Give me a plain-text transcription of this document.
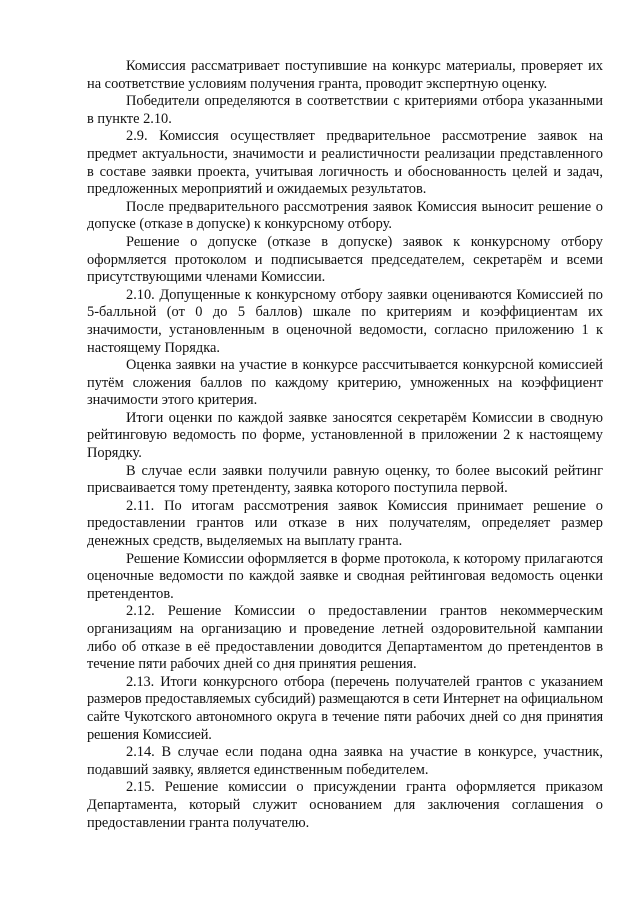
Комиссия рассматривает поступившие на конкурс материалы, проверяет их на соответствие условиям получения гранта, проводит экспертную оценку.

Победители определяются в соответствии с критериями отбора указанными в пункте 2.10.

2.9. Комиссия осуществляет предварительное рассмотрение заявок на предмет актуальности, значимости и реалистичности реализации представленного в составе заявки проекта, учитывая логичность и обоснованность целей и задач, предложенных мероприятий и ожидаемых результатов.

После предварительного рассмотрения заявок Комиссия выносит решение о допуске (отказе в допуске) к конкурсному отбору.

Решение о допуске (отказе в допуске) заявок к конкурсному отбору оформляется протоколом и подписывается председателем, секретарём и всеми присутствующими членами Комиссии.

2.10. Допущенные к конкурсному отбору заявки оцениваются Комиссией по 5-балльной (от 0 до 5 баллов) шкале по критериям и коэффициентам их значимости, установленным в оценочной ведомости, согласно приложению 1 к настоящему Порядка.

Оценка заявки на участие в конкурсе рассчитывается конкурсной комиссией путём сложения баллов по каждому критерию, умноженных на коэффициент значимости этого критерия.

Итоги оценки по каждой заявке заносятся секретарём Комиссии в сводную рейтинговую ведомость по форме, установленной в приложении 2 к настоящему Порядку.

В случае если заявки получили равную оценку, то более высокий рейтинг присваивается тому претенденту, заявка которого поступила первой.

2.11. По итогам рассмотрения заявок Комиссия принимает решение о предоставлении грантов или отказе в них получателям, определяет размер денежных средств, выделяемых на выплату гранта.

Решение Комиссии оформляется в форме протокола, к которому прилагаются оценочные ведомости по каждой заявке и сводная рейтинговая ведомость оценки претендентов.

2.12. Решение Комиссии о предоставлении грантов некоммерческим организациям на организацию и проведение летней оздоровительной кампании либо об отказе в её предоставлении доводится Департаментом до претендентов в течение пяти рабочих дней со дня принятия решения.

2.13. Итоги конкурсного отбора (перечень получателей грантов с указанием размеров предоставляемых субсидий) размещаются в сети Интернет на официальном сайте Чукотского автономного округа в течение пяти рабочих дней со дня принятия решения Комиссией.

2.14. В случае если подана одна заявка на участие в конкурсе, участник, подавший заявку, является единственным победителем.

2.15. Решение комиссии о присуждении гранта оформляется приказом Департамента, который служит основанием для заключения соглашения о предоставлении гранта получателю.
